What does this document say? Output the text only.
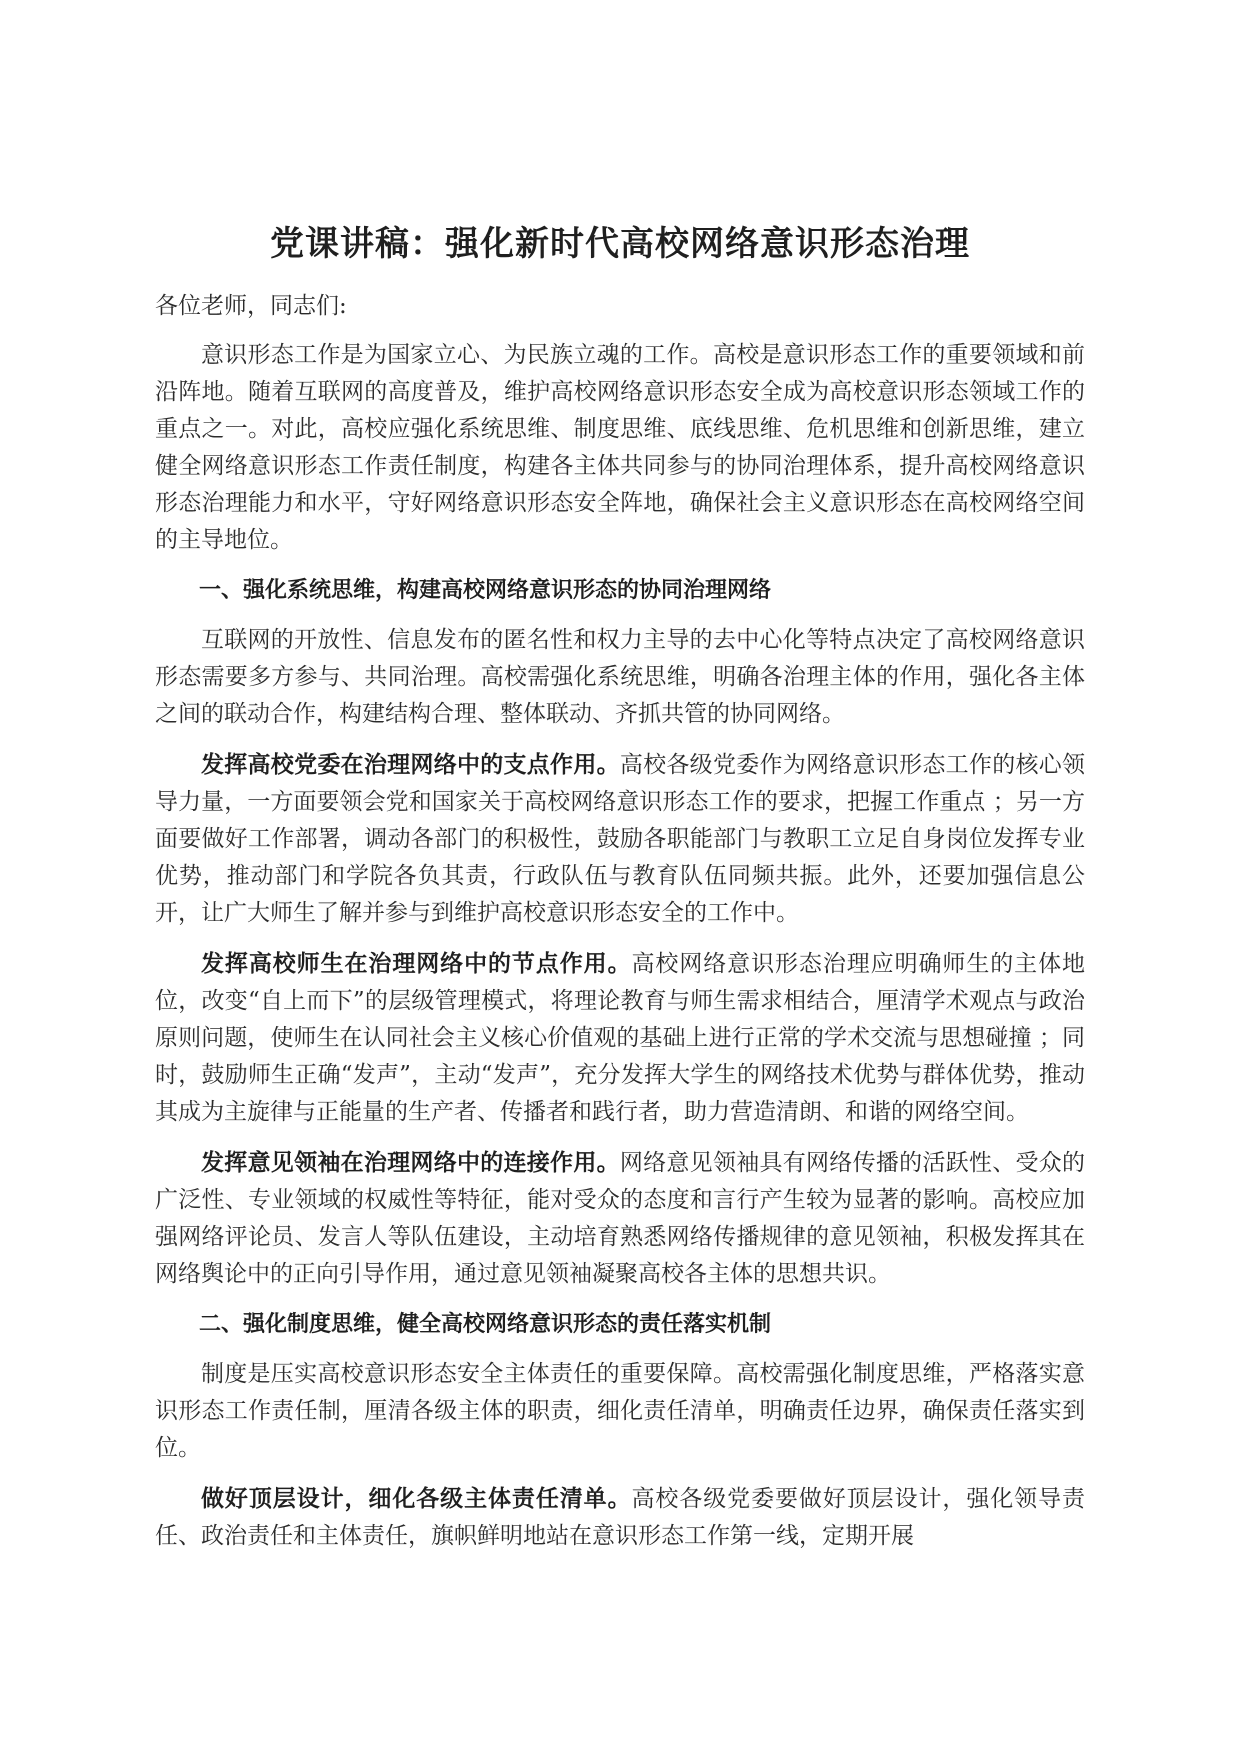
党课讲稿：强化新时代高校网络意识形态治理

各位老师，同志们:

意识形态工作是为国家立心、为民族立魂的工作。高校是意识形态工作的重要领域和前沿阵地。随着互联网的高度普及，维护高校网络意识形态安全成为高校意识形态领域工作的重点之一。对此，高校应强化系统思维、制度思维、底线思维、危机思维和创新思维，建立健全网络意识形态工作责任制度，构建各主体共同参与的协同治理体系，提升高校网络意识形态治理能力和水平，守好网络意识形态安全阵地，确保社会主义意识形态在高校网络空间的主导地位。

一、强化系统思维，构建高校网络意识形态的协同治理网络

互联网的开放性、信息发布的匿名性和权力主导的去中心化等特点决定了高校网络意识形态需要多方参与、共同治理。高校需强化系统思维，明确各治理主体的作用，强化各主体之间的联动合作，构建结构合理、整体联动、齐抓共管的协同网络。

发挥高校党委在治理网络中的支点作用。高校各级党委作为网络意识形态工作的核心领导力量，一方面要领会党和国家关于高校网络意识形态工作的要求，把握工作重点 ；另一方面要做好工作部署，调动各部门的积极性，鼓励各职能部门与教职工立足自身岗位发挥专业优势，推动部门和学院各负其责，行政队伍与教育队伍同频共振。此外，还要加强信息公开，让广大师生了解并参与到维护高校意识形态安全的工作中。

发挥高校师生在治理网络中的节点作用。高校网络意识形态治理应明确师生的主体地位，改变“自上而下”的层级管理模式，将理论教育与师生需求相结合，厘清学术观点与政治原则问题，使师生在认同社会主义核心价值观的基础上进行正常的学术交流与思想碰撞 ；同时，鼓励师生正确“发声”，主动“发声”，充分发挥大学生的网络技术优势与群体优势，推动其成为主旋律与正能量的生产者、传播者和践行者，助力营造清朗、和谐的网络空间。

发挥意见领袖在治理网络中的连接作用。网络意见领袖具有网络传播的活跃性、受众的广泛性、专业领域的权威性等特征，能对受众的态度和言行产生较为显著的影响。高校应加强网络评论员、发言人等队伍建设，主动培育熟悉网络传播规律的意见领袖，积极发挥其在网络舆论中的正向引导作用，通过意见领袖凝聚高校各主体的思想共识。

二、强化制度思维，健全高校网络意识形态的责任落实机制

制度是压实高校意识形态安全主体责任的重要保障。高校需强化制度思维，严格落实意识形态工作责任制，厘清各级主体的职责，细化责任清单，明确责任边界，确保责任落实到位。

做好顶层设计，细化各级主体责任清单。高校各级党委要做好顶层设计，强化领导责任、政治责任和主体责任，旗帜鲜明地站在意识形态工作第一线，定期开展
